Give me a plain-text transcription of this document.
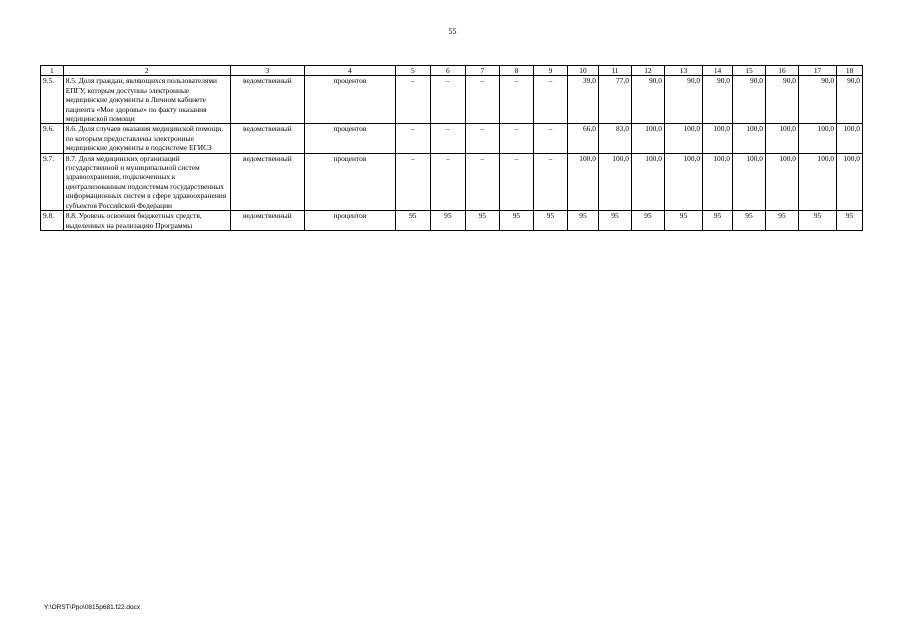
55
1	2	3	4	5	6	7	8	9	10	11	12	13	14	15	16	17	18
9.5.	8.5. Доля граждан, являющихся пользователями ЕПГУ, которым доступны электронные медицинские документы в Личном кабинете пациента «Мое здоровье» по факту оказания медицинской помощи	ведомственный	процентов	–	–	–	–	–	39,0	77,0	90,0	90,0	90,0	90,0	90,0	90,0	90,0
9.6.	8.6. Доля случаев оказания медицинской помощи, по которым предоставлены электронные медицинские документы в подсистеме ЕГИСЗ	ведомственный	процентов	–	–	–	–	–	66,0	83,0	100,0	100,0	100,0	100,0	100,0	100,0	100,0
9.7.	8.7. Доля медицинских организаций государственной и муниципальной систем здравоохранения, подключенных к централизованным подсистемам государственных информационных систем в сфере здравоохранения субъектов Российской Федерации	ведомственный	процентов	–	–	–	–	–	100,0	100,0	100,0	100,0	100,0	100,0	100,0	100,0	100,0
9.8.	8.8. Уровень освоения бюджетных средств, выделенных на реализацию Программы	ведомственный	процентов	95	95	95	95	95	95	95	95	95	95	95	95	95	95
Y:\ORST\Ppo\0815p681.f22.docx
